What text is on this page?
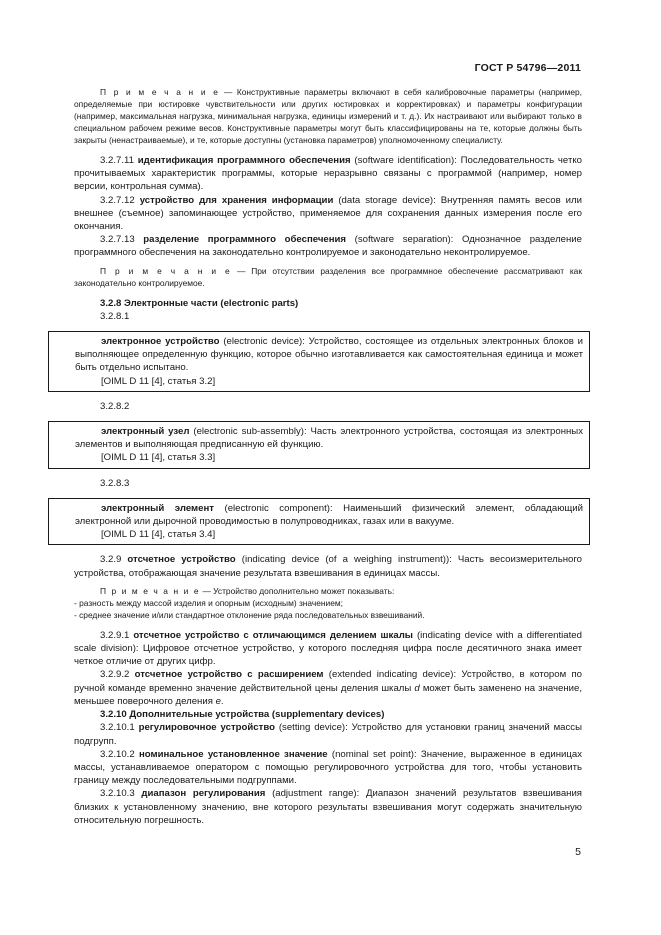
ГОСТ Р 54796—2011

П р и м е ч а н и е — Конструктивные параметры включают в себя калибровочные параметры (например, определяемые при юстировке чувствительности или других юстировках и корректировках) и параметры конфигурации (например, максимальная нагрузка, минимальная нагрузка, единицы измерений и т. д.). Их настраивают или выбирают только в специальном рабочем режиме весов. Конструктивные параметры могут быть классифицированы на те, которые должны быть закрыты (ненастраиваемые), и те, которые доступны (установка параметров) уполномоченному специалисту.

3.2.7.11 идентификация программного обеспечения (software identification): Последовательность четко прочитываемых характеристик программы, которые неразрывно связаны с программой (например, номер версии, контрольная сумма).

3.2.7.12 устройство для хранения информации (data storage device): Внутренняя память весов или внешнее (съемное) запоминающее устройство, применяемое для сохранения данных измерения после его окончания.

3.2.7.13 разделение программного обеспечения (software separation): Однозначное разделение программного обеспечения на законодательно контролируемое и законодательно неконтролируемое.

П р и м е ч а н и е — При отсутствии разделения все программное обеспечение рассматривают как законодательно контролируемое.

3.2.8 Электронные части (electronic parts)

3.2.8.1

электронное устройство (electronic device): Устройство, состоящее из отдельных электронных блоков и выполняющее определенную функцию, которое обычно изготавливается как самостоятельная единица и может быть отдельно испытано.

[OIML D 11 [4], статья 3.2]

3.2.8.2

электронный узел (electronic sub-assembly): Часть электронного устройства, состоящая из электронных элементов и выполняющая предписанную ей функцию.

[OIML D 11 [4], статья 3.3]

3.2.8.3

электронный элемент (electronic component): Наименьший физический элемент, обладающий электронной или дырочной проводимостью в полупроводниках, газах или в вакууме.

[OIML D 11 [4], статья 3.4]

3.2.9 отсчетное устройство (indicating device (of a weighing instrument)): Часть весоизмерительного устройства, отображающая значение результата взвешивания в единицах массы.

П р и м е ч а н и е — Устройство дополнительно может показывать:

- разность между массой изделия и опорным (исходным) значением;

- среднее значение и/или стандартное отклонение ряда последовательных взвешиваний.

3.2.9.1 отсчетное устройство с отличающимся делением шкалы (indicating device with a differentiated scale division): Цифровое отсчетное устройство, у которого последняя цифра после десятичного знака имеет четкое отличие от других цифр.

3.2.9.2 отсчетное устройство с расширением (extended indicating device): Устройство, в котором по ручной команде временно значение действительной цены деления шкалы d может быть заменено на значение, меньшее поверочного деления e.

3.2.10 Дополнительные устройства (supplementary devices)

3.2.10.1 регулировочное устройство (setting device): Устройство для установки границ значений массы подгрупп.

3.2.10.2 номинальное установленное значение (nominal set point): Значение, выраженное в единицах массы, устанавливаемое оператором с помощью регулировочного устройства для того, чтобы установить границу между последовательными подгруппами.

3.2.10.3 диапазон регулирования (adjustment range): Диапазон значений результатов взвешивания близких к установленному значению, вне которого результаты взвешивания могут содержать значительную относительную погрешность.

5
